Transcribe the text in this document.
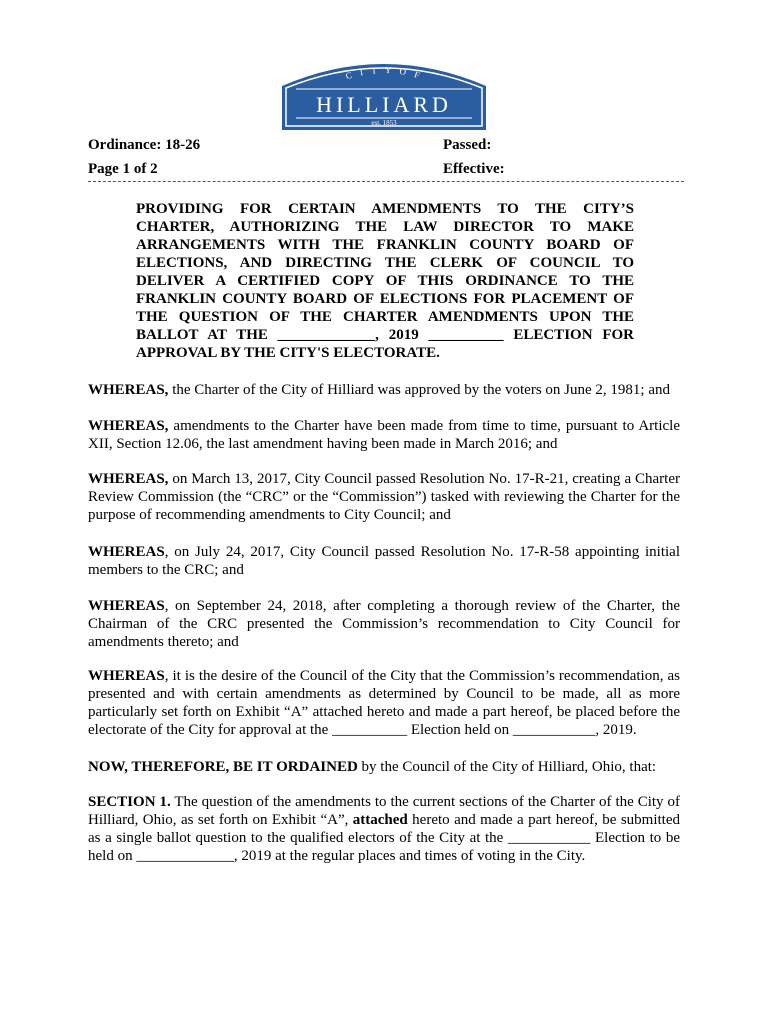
C I T Y O F
HILLIARD
est. 1853
Ordinance: 18-26
Page 1 of 2
Passed:
Effective:
PROVIDING FOR CERTAIN AMENDMENTS TO THE CITY’S
CHARTER, AUTHORIZING THE LAW DIRECTOR TO MAKE
ARRANGEMENTS WITH THE FRANKLIN COUNTY BOARD OF
ELECTIONS, AND DIRECTING THE CLERK OF COUNCIL TO
DELIVER A CERTIFIED COPY OF THIS ORDINANCE TO THE
FRANKLIN COUNTY BOARD OF ELECTIONS FOR PLACEMENT OF
THE QUESTION OF THE CHARTER AMENDMENTS UPON THE
BALLOT AT THE _____________, 2019 __________ ELECTION FOR
APPROVAL BY THE CITY'S ELECTORATE.
WHEREAS, the Charter of the City of Hilliard was approved by the voters on June 2, 1981; and
WHEREAS, amendments to the Charter have been made from time to time, pursuant to Article XII, Section 12.06, the last amendment having been made in March 2016; and
WHEREAS, on March 13, 2017, City Council passed Resolution No. 17-R-21, creating a Charter Review Commission (the “CRC” or the “Commission”) tasked with reviewing the Charter for the purpose of recommending amendments to City Council; and
WHEREAS, on July 24, 2017, City Council passed Resolution No. 17-R-58 appointing initial members to the CRC; and
WHEREAS, on September 24, 2018, after completing a thorough review of the Charter, the Chairman of the CRC presented the Commission’s recommendation to City Council for amendments thereto; and
WHEREAS, it is the desire of the Council of the City that the Commission’s recommendation, as presented and with certain amendments as determined by Council to be made, all as more particularly set forth on Exhibit “A” attached hereto and made a part hereof, be placed before the electorate of the City for approval at the __________ Election held on ___________, 2019.
NOW, THEREFORE, BE IT ORDAINED by the Council of the City of Hilliard, Ohio, that:
SECTION 1. The question of the amendments to the current sections of the Charter of the City of Hilliard, Ohio, as set forth on Exhibit “A”, attached hereto and made a part hereof, be submitted as a single ballot question to the qualified electors of the City at the ___________ Election to be held on _____________, 2019 at the regular places and times of voting in the City.
